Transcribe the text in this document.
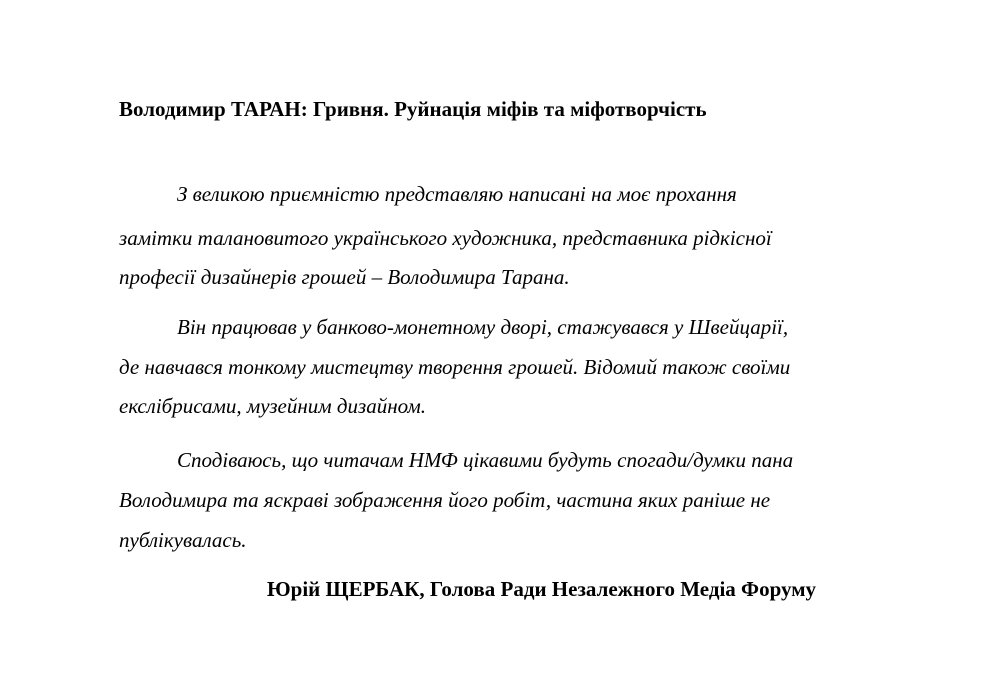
Володимир ТАРАН: Гривня. Руйнація міфів та міфотворчість

З великою приємністю представляю написані на моє прохання

замітки талановитого українського художника, представника рідкісної

професії дизайнерів грошей – Володимира Тарана.

Він працював у банково-монетному дворі, стажувався у Швейцарії,

де навчався тонкому мистецтву творення грошей. Відомий також своїми

екслібрисами, музейним дизайном.

Сподіваюсь, що читачам НМФ цікавими будуть спогади/думки пана

Володимира та яскраві зображення його робіт, частина яких раніше не

публікувалась.

Юрій ЩЕРБАК, Голова Ради Незалежного Медіа Форуму
